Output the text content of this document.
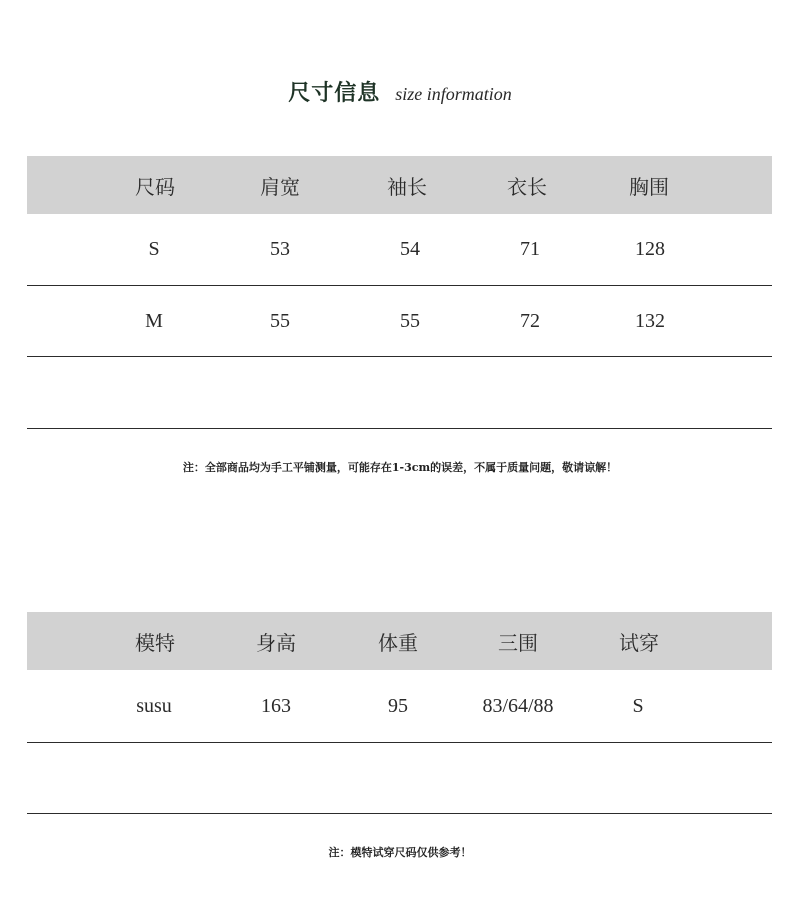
尺寸信息 size information
尺码	肩宽	袖长	衣长	胸围
S	53	54	71	128
M	55	55	72	132
注：全部商品均为手工平铺测量，可能存在1-3cm的误差，不属于质量问题，敬请谅解！
模特	身高	体重	三围	试穿
susu	163	95	83/64/88	S
注：模特试穿尺码仅供参考！
